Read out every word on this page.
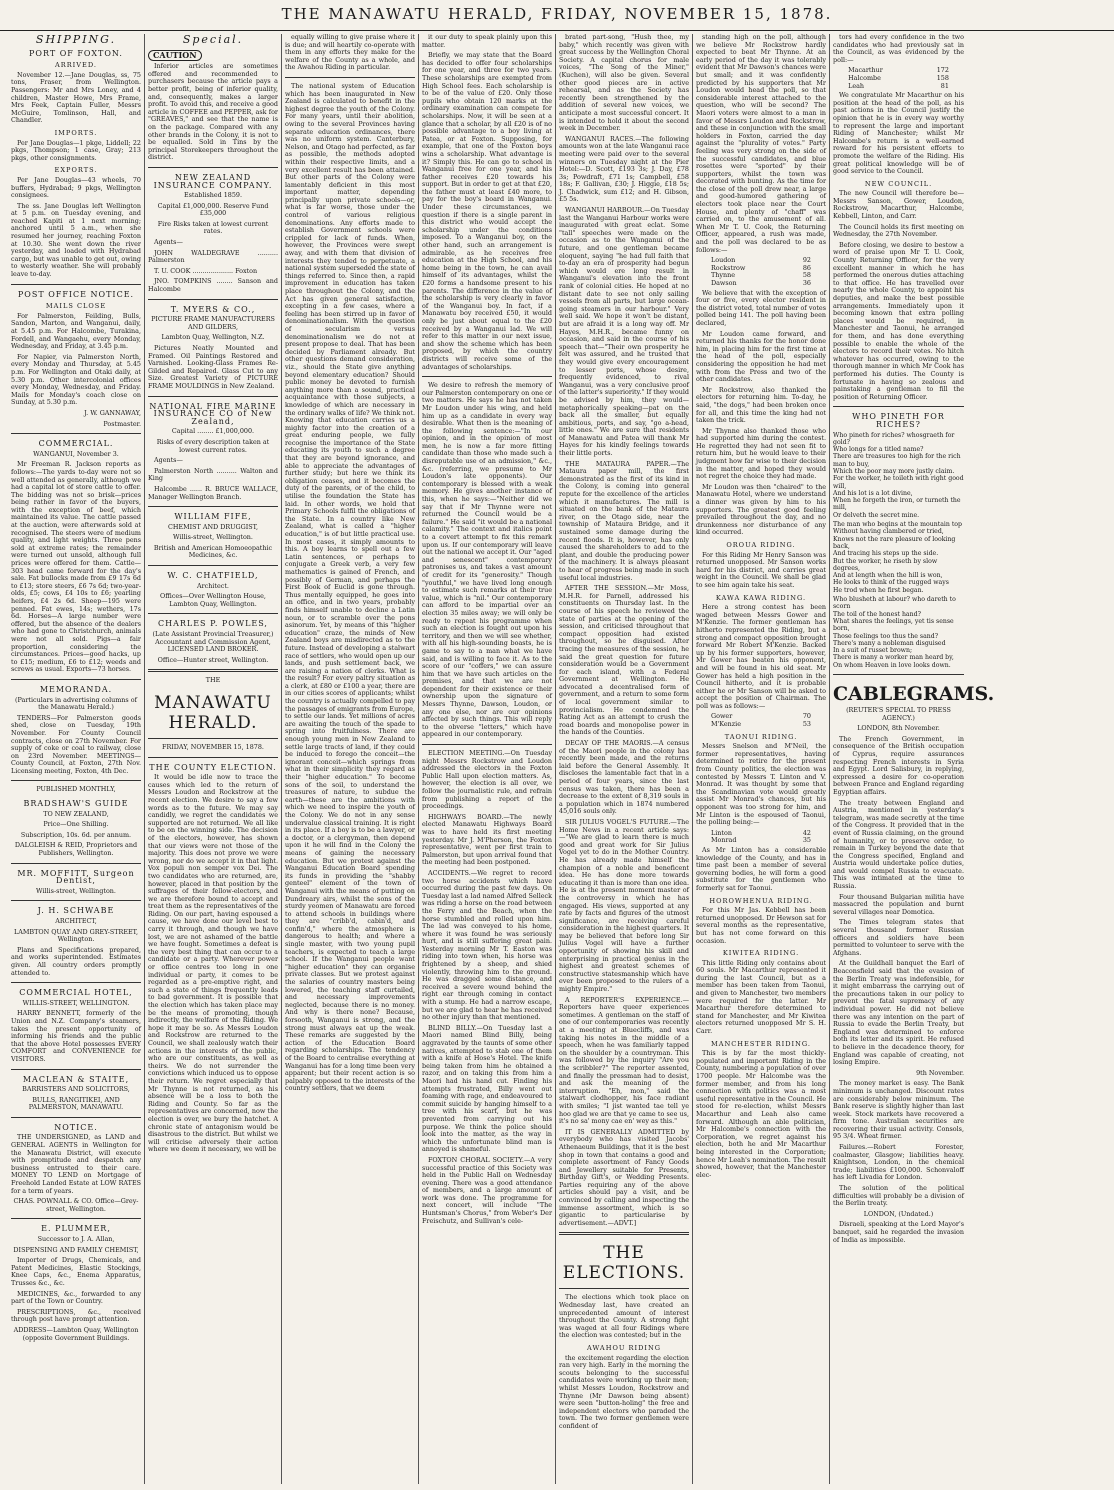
THE MANAWATU HERALD, FRIDAY, NOVEMBER 15, 1878.
SHIPPING.
PORT OF FOXTON.
ARRIVED.

November 12.—Jane Douglas, ss, 75 tons, Fraser, from Wellington. Passengers: Mr and Mrs Loney, and 4 children, Master Howe, Mrs Frame, Mrs Feek, Captain Fuller, Messrs McGuire, Tomlinson, Hall, and Chandler.

IMPORTS.

Per Jane Douglas—1 pkge, Liddell; 22 pkgs, Thompson; 1 case, Gray; 213 pkgs, other consignments.

EXPORTS.

Per Jane Douglas—43 wheels, 70 buffers, Hydrabad; 9 pkgs, Wellington consignees.

The ss. Jane Douglas left Wellington at 5 p.m. on Tuesday evening, and reached Kapiti at 1 next morning; anchored until 5 a.m., when she resumed her journey, reaching Foxton at 10.30. She went down the river yesterday, and loaded with Hydrabad cargo, but was unable to get out, owing to westerly weather. She will probably leave to-day.

POST OFFICE NOTICE.
MAILS CLOSE

For Palmerston, Feilding, Bulls, Sandon, Marton, and Wanganui, daily, at 5.45 p.m. For Halcombe, Turakina, Fordell, and Wangaehu, every Monday, Wednesday, and Friday, at 3.45 p.m.

For Napier, via Palmerston North, every Monday and Thursday, at 5.45 p.m. For Wellington and Otaki daily, at 5.30 p.m. Other intercolonial offices every Monday, Wednesday, and Friday. Mails for Monday's coach close on Sunday, at 5.30 p.m.

J. W. GANNAWAY,

Postmaster.

COMMERCIAL.

WANGANUI, November 3.

Mr Freeman R. Jackson reports as follows:—The yards to-day were not so well attended as generally, although we had a capital lot of store cattle to offer. The bidding was not so brisk—prices being rather in favor of the buyers, with the exception of beef, which maintained its value. The cattle passed at the auction, were afterwards sold at recognised. The steers were of medium quality, and light weights. Three pens sold at extreme rates; the remainder were turned out unsold, although full prices were offered for them. Cattle—303 head came forward for the day's sale. Fat bullocks made from £9 17s 6d to £13; store steers, £6 7s 6d; two-year-olds, £5; cows, £4 10s to £6; yearling heifers, £4 2s 6d. Sheep—195 were penned. Fat ewes, 14s; wethers, 17s 6d. Horses—A large number were offered, but the absence of the dealers who had gone to Christchurch, animals were not all sold. Pigs—a fair proportion, considering the circumstances. Prices—good hacks, up to £15; medium, £6 to £12; weeds and screws as usual. Exports—73 horses.

MEMORANDA.

(Particulars in advertising columns of the Manawatu Herald.)

TENDERS—For Palmerston goods shed, close on Tuesday, 19th November. For County Council contracts, close on 27th November. For supply of coke or coal to railway, close on 23rd November. MEETINGS—County Council, at Foxton, 27th Nov. Licensing meeting, Foxton, 4th Dec.

PUBLISHED MONTHLY,

BRADSHAW'S GUIDE

TO NEW ZEALAND,

Price—One Shilling.

Subscription, 10s. 6d. per annum.

DALGLEISH & REID, Proprietors and Publishers, Wellington.

MR. MOFFITT, Surgeon Dentist,

Willis-street, Wellington.

J. H. SCHWABE

ARCHITECT,

LAMBTON QUAY AND GREY-STREET, Wellington.

Plans and Specifications prepared, and works superintended. Estimates given. All country orders promptly attended to.

COMMERCIAL HOTEL,

WILLIS-STREET, WELLINGTON.

HARRY BENNETT, formerly of the Union and N.Z. Company's steamers, takes the present opportunity of informing his friends and the public that the above Hotel possesses EVERY COMFORT and CONVENIENCE for VISITORS.

MACLEAN & STAITE,

BARRISTERS AND SOLICITORS,

BULLS, RANGITIKEI, AND PALMERSTON, MANAWATU.

NOTICE.

THE UNDERSIGNED, as LAND and GENERAL AGENTS in Wellington for the Manawatu District, will execute with promptitude and despatch any business entrusted to their care. MONEY TO LEND on Mortgage of Freehold Landed Estate at LOW RATES for a term of years.

CHAS. POWNALL & CO. Office—Grey-street, Wellington.

E. PLUMMER,

Successor to J. A. Allan,

DISPENSING AND FAMILY CHEMIST,

Importer of Drugs, Chemicals, and Patent Medicines, Elastic Stockings, Knee Caps, &c., Enema Apparatus, Trusses &c., &c.

MEDICINES, &c., forwarded to any part of the Town or Country.

PRESCRIPTIONS, &c., received through post have prompt attention.

ADDRESS—Lambton Quay, Wellington (opposite Government Buildings.

Special.
CAUTION

Inferior articles are sometimes offered and recommended to purchasers because the article pays a better profit, being of inferior quality, and, consequently, makes a larger profit. To avoid this, and receive a good article in COFFEE and PEPPER, ask for "GREAVES," and see that the name is on the package. Compared with any other brands in the Colony, it is not to be equalled. Sold in Tins by the principal Storekeepers throughout the district.

NEW ZEALAND INSURANCE COMPANY.

Established 1859.

Capital £1,000,000. Reserve Fund £35,000

Fire Risks taken at lowest current rates.

Agents—

JOHN WALDEGRAVE .......... Palmerston

T. U. COOK .................... Foxton

JNO. TOMPKINS ........ Sanson and Halcombe

T. MYERS & CO.,

PICTURE FRAME MANUFACTURERS AND GILDERS,

Lambton Quay, Wellington, N.Z.

Pictures Neatly Mounted and Framed. Oil Paintings Restored and Varnished. Looking-Glass Frames Re-Gilded and Repaired. Glass Cut to any Size. Greatest Variety of PICTURE FRAME MOULDINGS in New Zealand.

NATIONAL FIRE MARINE INSURANCE CO of New Zealand,

Capital ........ £1,000,000.

Risks of every description taken at lowest current rates.

Agents—

Palmerston North .......... Walton and King

Halcombe ...... R. BRUCE WALLACE, Manager Wellington Branch.

WILLIAM FIFE,

CHEMIST AND DRUGGIST,

Willis-street, Wellington.

British and American Homoeopathic Medicines, &c.

W. C. CHATFIELD,

Architect.

Offices—Over Wellington House, Lambton Quay, Wellington.

CHARLES P. POWLES,

(Late Assistant Provincial Treasurer,) Accountant and Commission Agent, LICENSED LAND BROKER.

Office—Hunter street, Wellington.

THE

MANAWATU HERALD.

FRIDAY, NOVEMBER 15, 1878.

THE COUNTY ELECTION.

It would be idle now to trace the causes which led to the return of Messrs Loudon and Rockstrow at the recent election. We desire to say a few words as to the future. We may say candidly, we regret the candidates we supported are not returned. We all like to be on the winning side. The decision of the electors, however, has shown that our views were not those of the majority. This does not prove we were wrong, nor do we accept it in that light. Vox populi non semper vox Dei. The two candidates who are returned, are, however, placed in that position by the suffrages of their fellow-electors, and we are therefore bound to accept and treat them as the representatives of the Riding. On our part, having espoused a cause, we have done our level best to carry it through, and though we have lost, we are not ashamed of the battle we have fought. Sometimes a defeat is the very best thing that can occur to a candidate or a party. Wherever power or office centres too long in one individual or party, it comes to be regarded as a pre-emptive right, and such a state of things frequently leads to bad government. It is possible that the election which has taken place may be the means of promoting, though indirectly, the welfare of the Riding. We hope it may be so. As Messrs Loudon and Rockstrow are returned to the Council, we shall zealously watch their actions in the interests of the public, who are our constituents, as well as theirs. We do not surrender the convictions which induced us to oppose their return. We regret especially that Mr Thynne is not returned, as his absence will be a loss to both the Riding and County. So far as the representatives are concerned, now the election is over, we bury the hatchet. A chronic state of antagonism would be disastrous to the district. But whilst we will criticise adversely their action where we deem it necessary, we will be

equally willing to give praise where it is due; and will heartily co-operate with them in any efforts they make for the welfare of the County as a whole, and the Awahou Riding in particular.

The national system of Education which has been inaugurated in New Zealand is calculated to benefit in the highest degree the youth of the Colony. For many years, until their abolition, owing to the several Provinces having separate education ordinances, there was no uniform system. Canterbury, Nelson, and Otago had perfected, as far as possible, the methods adopted within their respective limits, and a very excellent result has been attained. But other parts of the Colony were lamentably deficient in this most important matter, depending principally upon private schools—or, what is far worse, those under the control of various religious denominations. Any efforts made to establish Government schools were crippled for lack of funds. When, however, the Provinces were swept away, and with them that division of interests they tended to perpetuate, a national system superseded the state of things referred to. Since then, a rapid improvement in education has taken place throughout the Colony, and the Act has given general satisfaction, excepting in a few cases, where a feeling has been stirred up in favor of denominationalism. With the question of secularism versus denominationalism we do not at present propose to deal. That has been decided by Parliament already. But other questions demand consideration, viz., should the State give anything beyond elementary education? Should public money be devoted to furnish anything more than a sound, practical acquaintance with those subjects, a knowledge of which are necessary in the ordinary walks of life? We think not. Knowing that education carries us a mighty factor into the creation of a great enduring people, we fully recognise the importance of the State educating its youth to such a degree that they are beyond ignorance, and able to appreciate the advantages of further study; but here we think its obligation ceases, and it becomes the duty of the parents, or of the child, to utilise the foundation the State has laid. In other words, we hold that Primary Schools fulfil the obligations of the State. In a country like New Zealand, what is called a "higher education," is of but little practical use. In most cases, it simply amounts to this. A boy learns to spell out a few Latin sentences, or perhaps to conjugate a Greek verb, a very few mathematics is gained of French, and possibly of German, and perhaps the First Book of Euclid is gone through. Thus mentally equipped, he goes into an office, and in two years, probably finds himself unable to decline a Latin noun, or to scramble over the pons asinorum. Yet, by means of this "higher education" craze, the minds of New Zealand boys are misdirected as to the future. Instead of developing a stalwart race of settlers, who would open up our lands, and push settlement back, we are raising a nation of clerks. What is the result? For every paltry situation as a clerk, at £80 or £100 a year, there are in our cities scores of applicants; whilst the country is actually compelled to pay the passages of emigrants from Europe, to settle our lands. Yet millions of acres are awaiting the touch of the spade to spring into fruitfulness. There are enough young men in New Zealand to settle large tracts of land, if they could be induced to forego the conceit—the ignorant conceit—which springs from what in their simplicity they regard as their "higher education." To become sons of the soil, to understand the treasures of nature, to subdue the earth—these are the ambitions with which we need to inspire the youth of the Colony. We do not in any sense undervalue classical training. It is right in its place. If a boy is to be a lawyer, or a doctor, or a clergyman, then depend upon it he will find in the Colony the means of gaining the necessary education. But we protest against the Wanganui Education Board spending its funds in providing the "shabby genteel" element of the town of Wanganui with the means of putting on Dundreary airs, whilst the sons of the sturdy yeomen of Manawatu are forced to attend schools in buildings where they are "cribb'd, cabin'd, and confin'd," where the atmosphere is dangerous to health; and where a single master, with two young pupil teachers, is expected to teach a large school. If the Wanganui people want "higher education" they can organise private classes. But we protest against the salaries of country masters being lowered, the teaching staff curtailed, and necessary improvements neglected, because there is no money. And why is there none? Because, forsooth, Wanganui is strong, and the strong must always eat up the weak. These remarks are suggested by the action of the Education Board regarding scholarships. The tendency of the Board to centralise everything at Wanganui has for a long time been very apparent; but their recent action is so palpably opposed to the interests of the country settlers, that we deem

it our duty to speak plainly upon this matter.

Briefly, we may state that the Board has decided to offer four scholarships for one year, and three for two years. These scholarships are exempted from High School fees. Each scholarship is to be of the value of £20. Only those pupils who obtain 120 marks at the ordinary examination can compete for scholarships. Now, it will be seen at a glance that a scholar, by all £20 is of no possible advantage to a boy living at Patea, or at Foxton. Supposing, for example, that one of the Foxton boys wins a scholarship. What advantage is it? Simply this. He can go to school in Wanganui free for one year, and his father receives £20 towards his support. But in order to get at that £20, the father must at least £40 more, to pay for the boy's board in Wanganui. Under these circumstances, we question if there is a single parent in this district who would accept the scholarship under the conditions imposed. To a Wanganui boy, on the other hand, such an arrangement is admirable, as he receives free education at the High School, and his home being in the town, he can avail himself of its advantages, whilst the £20 forms a handsome present to his parents. The difference in the value of the scholarship is very clearly in favor of the Wanganui boy. In fact, if a Manawatu boy received £50, it would only be just about equal to the £20 received by a Wanganui lad. We will refer to this matter in our next issue, and show the scheme which has been proposed, by which the country districts will receive some of the advantages of scholarships.

We desire to refresh the memory of our Palmerston contemporary on one or two matters. He says he has not taken Mr Loudon under his wing, and held him up as a candidate in every way desirable. What then is the meaning of the following sentence:—"In our opinion, and in the opinion of most men, he is now a far more fitting candidate than those who made such a disreputable use of an admission," &c., &c. (referring, we presume to Mr Loudon's late opponents). Our contemporary is blessed with a weak memory. He gives another instance of this, when he says:—"Neither did we say that if Mr Thynne were not returned the Council would be a failure." He said "it would be a national calamity." The context and italics point to a covert attempt to fix this remark upon us. If our contemporary will leave out the national we accept it. Our "aged and senescent" contemporary patronises us, and takes a vast amount of credit for its "generosity." Though "youthful," we have lived long enough to estimate such remarks at their true value, which is "nil." Our contemporary can afford to be impartial over an election 35 miles away; we will only be ready to repeat his programme when such an election is fought out upon his territory, and then we will see whether, with all his high-sounding boasts, he is game to say to a man what we have said, and is willing to face it. As to the score of our "coffers," we can assure him that we have such articles on the premises, and that we are not dependent for their existence or their ownership upon the signature of Messrs Thynne, Dawson, Loudon, or any one else, nor are our opinions affected by such things. This will reply to the obverse "letters," which have appeared in our contemporary.

ELECTION MEETING.—On Tuesday night Messrs Rockstrow and Loudon addressed the electors in the Foxton Public Hall upon election matters. As, however, the election is all over, we follow the journalistic rule, and refrain from publishing a report of the proceedings.

HIGHWAYS BOARD.—The newly elected Manawatu Highways Board was to have held its first meeting yesterday. Mr J. M'Pherson, the Foxton representative, went per first train to Palmerston, but upon arrival found that the meeting had been postponed.

ACCIDENTS.—We regret to record two horse accidents which have occurred during the past few days. On Tuesday last a lad named Alfred Selleck was riding a horse on the road between the Ferry and the Beach, when the horse stumbled and rolled upon him. The lad was conveyed to his home, where it was found he was seriously hurt, and is still suffering great pain. Yesterday morning Mr T. Easton was riding into town when, his horse was frightened by a sheep, and shied violently, throwing him to the ground. He was dragged some distance, and received a severe wound behind the right ear through coming in contact with a stump. He had a narrow escape, but we are glad to hear he has received no other injury than that mentioned.

BLIND BILLY.—On Tuesday last a Maori named Blind Billy, being aggravated by the taunts of some other natives, attempted to stab one of them with a knife at Hose's Hotel. The knife being taken from him he obtained a razor, and on taking this from him a Maori had his hand cut. Finding his attempts frustrated, Billy went out foaming with rage, and endeavoured to commit suicide by hanging himself to a tree with his scarf, but he was prevented from carrying out his purpose. We think the police should look into the matter, as the way in which the unfortunate blind man is annoyed is shameful.

FOXTON CHORAL SOCIETY.—A very successful practice of this Society was held in the Public Hall on Wednesday evening. There was a good attendance of members, and a large amount of work was done. The programme for next concert, will include "The Huntsman's Chorus," from Weber's Der Freischutz, and Sullivan's cele-

brated part-song, "Hush thee, my baby," which recently was given with great success by the Wellington Choral Society. A capital chorus for male voices, "The Song of the Miner," (Kuchen), will also be given. Several other good pieces are in active rehearsal, and as the Society has recently been strengthened by the addition of several new voices, we anticipate a most successful concert. It is intended to hold it about the second week in December.

WANGANUI RACES.—The following amounts won at the late Wanganui race meeting were paid over to the several winners on Tuesday night at the Pier Hotel:—D. Scott, £193 3s; J. Day, £78 3s; Powdraft, £71 1s; Campbell, £58 18s; F. Gallivan, £30; J. Higgie, £18 5s; J. Chadwick, sum £12; and H. Gibson, £5 5s.

WANGANUI HARBOUR.—On Tuesday last the Wanganui Harbour works were inaugurated with great eclat. Some "tall" speeches were made on the occasion as to the Wanganui of the future, and one gentleman became eloquent, saying "he had full faith that to-day an era of prosperity had begun which would ere long result in Wanganui's elevation into the front rank of colonial cities. He hoped at no distant date to see not only sailing vessels from all parts, but large ocean-going steamers in our harbour." Very well said. We hope it won't be distant, but are afraid it is a long way off. Mr Hayes, M.H.R., became funny on occasion, and said in the course of his speech that—"Their own prosperity he felt was assured, and he trusted that they would give every encouragement to lesser ports, whose desire, frequently evidenced, to rival Wanganui, was a very conclusive proof of the latter's superiority." If they would be advised by him, they would—metaphorically speaking—pat on the back all the smaller, but equally ambitious, ports, and say, "go a-head, little ones." We are sure that residents of Manawatu and Patea will thank Mr Hayes for his kindly feelings towards their little ports.

THE MATAURA PAPER.—The Mataura paper mill, the first demonstrated as the first of its kind in the Colony, is coming into general repute for the excellence of the articles which it manufactures. The mill is situated on the bank of the Mataura river, on the Otago side, near the township of Mataura Bridge, and it sustained some damage during the recent floods. It is, however, has only caused the shareholders to add to the plant, and double the producing power of the machinery. It is always pleasant to hear of progress being made in such useful local industries.

AFTER THE SESSION.—Mr Moss, M.H.R. for Parnell, addressed his constituents on Thursday last. In the course of his speech he reviewed the state of parties at the opening of the session, and criticised throughout that compact opposition had existed throughout, so he disguised. After tracing the measures of the session, he said the great question for future consideration would be a Government for each island, with a Federal Government at Wellington. He advocated a decentralised form of government, and a return to some form of local government similar to provincialism. He condemned the Rating Act as an attempt to crush the road boards and monopolise power in the hands of the Counties.

DECAY OF THE MAORIS.—A census of the Maori people in the colony has recently been made, and the returns laid before the General Assembly. It discloses the lamentable fact that in a period of four years, since the last census was taken, there has been a decrease to the extent of 8,319 souls in a population which in 1874 numbered 45,016 souls only.

SIR JULIUS VOGEL'S FUTURE.—The Home News in a recent article says:—"We are glad to learn there is much good and great work for Sir Julius Vogel yet to do in the Mother Country. He has already made himself the champion of a noble and beneficent idea. He has done more towards educating it than is more than one idea. He is at the present moment master of the controversy in which he has engaged. His views, supported at any rate by facts and figures of the utmost significance, are receiving careful consideration in the highest quarters. It may be believed that before long Sir Julius Vogel will have a further opportunity of showing his skill and enterprising in practical genius in the highest and greatest schemes of constructive statesmanship which have ever been proposed to the rulers of a mighty Empire."

A REPORTER'S EXPERIENCE.—Reporters have queer experiences sometimes. A gentleman on the staff of one of our contemporaries was recently at a meeting at Bluecliffs, and was taking his notes in the middle of a speech, when he was familiarly tapped on the shoulder by a countryman. This was followed by the inquiry "Are you the scribbler?" The reporter assented, and finally the pressman had to desist, and ask the meaning of the interruption. "Eh, mon," said the stalwart clodhopper, his face radiant with smiles; "I jist wanted tae tell ye hoo glad we are that ye came to see us, it's no sa' mony cae en' wey as this."

IT IS GENERALLY ADMITTED by everybody who has visited Jacobs' Athenaeum Buildings, that it is the best shop in town that contains a good and complete assortment of Fancy Goods and Jewellery suitable for Presents, Birthday Gift's, or Wedding Presents. Parties requiring any of the above articles should pay a visit, and be convinced by calling and inspecting the immense assortment, which is so gigantic to particularise by advertisement.—ADVT.]

THE ELECTIONS.

The elections which took place on Wednesday last, have created an unprecedented amount of interest throughout the County. A strong fight was waged at all four Ridings where the election was contested; but in the

AWAHOU RIDING

the excitement regarding the election ran very high. Early in the morning the scouts belonging to the successful candidates were working up their men; whilst Messrs Loudon, Rockstrow and Thynne (Mr Dawson being absent) were seen "button-holing" the free and independent electors who paraded the town. The two former gentlemen were confident of

standing high on the poll, although we believe Mr Rockstrow hardly expected to beat Mr Thynne. At an early period of the day it was tolerably evident that Mr Dawson's chances were but small; and it was confidently predicted by his supporters that Mr Loudon would head the poll, so that considerable interest attached to the question, who will be second? The Maori voters were almost to a man in favor of Messrs Loudon and Rockstrow, and these in conjunction with the small holders in Foxton, carried the day against the "plurality of votes." Party feeling was very strong on the side of the successful candidates, and blue rosettes were "sported" by their supporters, whilst the town was decorated with bunting. As the time for the close of the poll drew near, a large and good-humored gathering of electors took place near the Court House, and plenty of "chaff" was carried on, to the amusement of all. When Mr T. U. Cook, the Returning Officer, appeared, a rush was made, and the poll was declared to be as follows:—

Loudon	92
Rockstrow	86
Thynne	58
Dawson	36

We believe that with the exception of four or five, every elector resident in the district voted, total number of votes polled being 141. The poll having been declared,

Mr Loudon came forward, and returned his thanks for the honor done him, in placing him for the first time at the head of the poll, especially considering the opposition he had met with from the Press and two of the other candidates.

Mr Rockstrow, also thanked the electors for returning him. To-day, he said, "the dogs," had been broken once for all, and this time the king had not taken the trick.

Mr Thynne also thanked those who had supported him during the contest. He regretted they had not seen fit to return him, but he would leave to their judgment how far wise to their decision in the matter, and hoped they would not regret the choice they had made.

Mr Loudon was then "chaired" to the Manawatu Hotel, where we understand a dinner was given by him to his supporters. The greatest good feeling prevailed throughout the day, and no drunkenness nor disturbance of any kind occurred.

OROUA RIDING.

For this Riding Mr Henry Sanson was returned unopposed. Mr Sanson works hard for his district, and carries great weight in the Council. We shall be glad to see him again take his seat.

KAWA KAWA RIDING.

Here a strong contest has been waged between Messrs Gower and M'Kenzie. The former gentleman has hitherto represented the Riding, but a strong and compact opposition brought forward Mr Robert M'Kenzie. Backed up by his former supporters, however, Mr Gower has beaten his opponent, and will be found in his old seat. Mr Gower has held a high position in the Council hitherto, and it is probable either he or Mr Sanson will be asked to accept the position of Chairman. The poll was as follows:—

Gower	70
M'Kenzie	53
TAONUI RIDING.

Messrs Snelson and M'Neil, the former representatives, having determined to retire for the present from County politics, the election was contested by Messrs T. Linton and V. Monrad. It was thought by some that the Scandinavian vote would greatly assist Mr Monrad's chances, but his opponent was too strong for him, and Mr Linton is the espoused of Taonui, the polling being:—

Linton	42
Monrad	35

As Mr Linton has a considerable knowledge of the County, and has in time past been a member of several governing bodies, he will form a good substitute for the gentlemen who formerly sat for Taonui.

HOROWHENUA RIDING.

For this Mr Jas. Kebbell has been returned unopposed. Dr Hewson sat for several months as the representative, but has not come forward on this occasion.

KIWITEA RIDING.

This little Riding only contains about 60 souls. Mr Macarthur represented it during the last Council, but as a member has been taken from Taonui, and given to Manchester, two members were required for the latter. Mr Macarthur therefore determined to stand for Manchester, and Mr Kiwitea electors returned unopposed Mr S. H. Carr.

MANCHESTER RIDING.

This is by far the most thickly-populated and important Riding in the County, numbering a population of over 1700 people. Mr Halcombe was the former member, and from his long connection with politics was a most useful representative in the Council. He stood for re-election, whilst Messrs Macarthur and Leah also came forward. Although an able politician, Mr Halcombe's connection with the Corporation, we regret against his election, both he and Mr Macarthur being interested in the Corporation; hence Mr Leah's nomination. The result showed, however, that the Manchester elec-

tors had every confidence in the two candidates who had previously sat in the Council, as was evidenced by the poll:—

Macarthur	172
Halcombe	158
Leah	81

We congratulate Mr Macarthur on his position at the head of the poll, as his past actions in the Council justify the opinion that he is in every way worthy to represent the large and important Riding of Manchester; whilst Mr Halcombe's return is a well-earned reward for his persistent efforts to promote the welfare of the Riding. His great political knowledge will be of good service to the Council.

NEW COUNCIL.

The new Council will therefore be—Messrs Sanson, Gower, Loudon, Rockstrow, Macarthur, Halcombe, Kebbell, Linton, and Carr.

The Council holds its first meeting on Wednesday, the 27th November.

Before closing, we desire to bestow a word of praise upon Mr T. U. Cook, County Returning Officer, for the very excellent manner in which he has performed the onerous duties attaching to that office. He has travelled over nearly the whole County, to appoint his deputies, and make the best possible arrangements. Immediately upon it becoming known that extra polling places would be required, in Manchester and Taonui, he arranged for them, and has done everything possible to enable the whole of the electors to record their votes. No hitch whatever has occurred, owing to the thorough manner in which Mr Cook has performed his duties. The County is fortunate in having so zealous and painstaking a gentleman to fill the position of Returning Officer.

WHO PINETH FOR RICHES?

Who pineth for riches? whosgraeth for gold?
Who longs for a titled name?
There are treasures too high for the rich man to buy,
Which the poor may more justly claim.
For the worker, he toileth with right good will,
And his lot is a lot divine,
When he forgeth the iron, or turneth the mill,
Or delveth the secret mine.

The man who begins at the mountain top
Without having clambered or tried,
Knows not the rare pleasure of looking back,
And tracing his steps up the side.
But the worker, he riseth by slow degrees,
And at length when the hill is won,
He looks to think of the rugged ways
He trod when he first began.

Who blusheth at labour? who dareth to scorn
The toil of the honest hand?
What shares the feelings, yet tis sense born,
Those feelings too thus the sand?
There's many a nobleman disguised
In a suit of russet brown;
There is many a worker man heard by,
On whom Heaven in love looks down.

CABLEGRAMS.

(REUTER'S SPECIAL TO PRESS AGENCY.)

LONDON, 8th November.

The French Government, in consequence of the British occupation of Cyprus, require assurances respecting French interests in Syria and Egypt. Lord Salisbury, in replying, expressed a desire for co-operation between France and England regarding Egyptian affairs.

The treaty between England and Austria, mentioned in yesterday's telegram, was made secretly at the time of the Congress. It provided that in the event of Russia claiming, on the ground of humanity, or to preserve order, to remain in Turkey beyond the date that the Congress specified, England and Austria would undertake police duties, and would compel Russia to evacuate. This was intimated at the time to Russia.

Four thousand Bulgarian militia have massacred the population and burnt several villages near Domotica.

The Times telegram states that several thousand former Russian officers and soldiers have been permitted to volunteer to serve with the Afghans.

At the Guildhall banquet the Earl of Beaconsfield said that the evasion of the Berlin Treaty was indefensible, for it might embarrass the carrying out of the precautions taken in our policy to prevent the fatal supremacy of any individual power. He did not believe there was any intention on the part of Russia to evade the Berlin Treaty, but England was determined to enforce both its letter and its spirit. He refused to believe in the decadence theory, for England was capable of creating, not losing Empire.

9th November.

The money market is easy. The Bank minimum is unchanged. Discount rates are considerably below minimum. The Bank reserve is slightly higher than last week. Stock markets have recovered a firm tone. Australian securities are recovering their usual activity. Consols, 95 3/4. Wheat firmer.

Failures.—Robert Forester, coalmaster, Glasgow; liabilities heavy. Knightson, London, in the chemical trade; liabilities £100,000. Schonvaloff has left Livadia for London.

The solution of the political difficulties will probably be a division of the Berlin treaty.

LONDON, (Undated.)

Disraeli, speaking at the Lord Mayor's banquet, said he regarded the invasion of India as impossible.
